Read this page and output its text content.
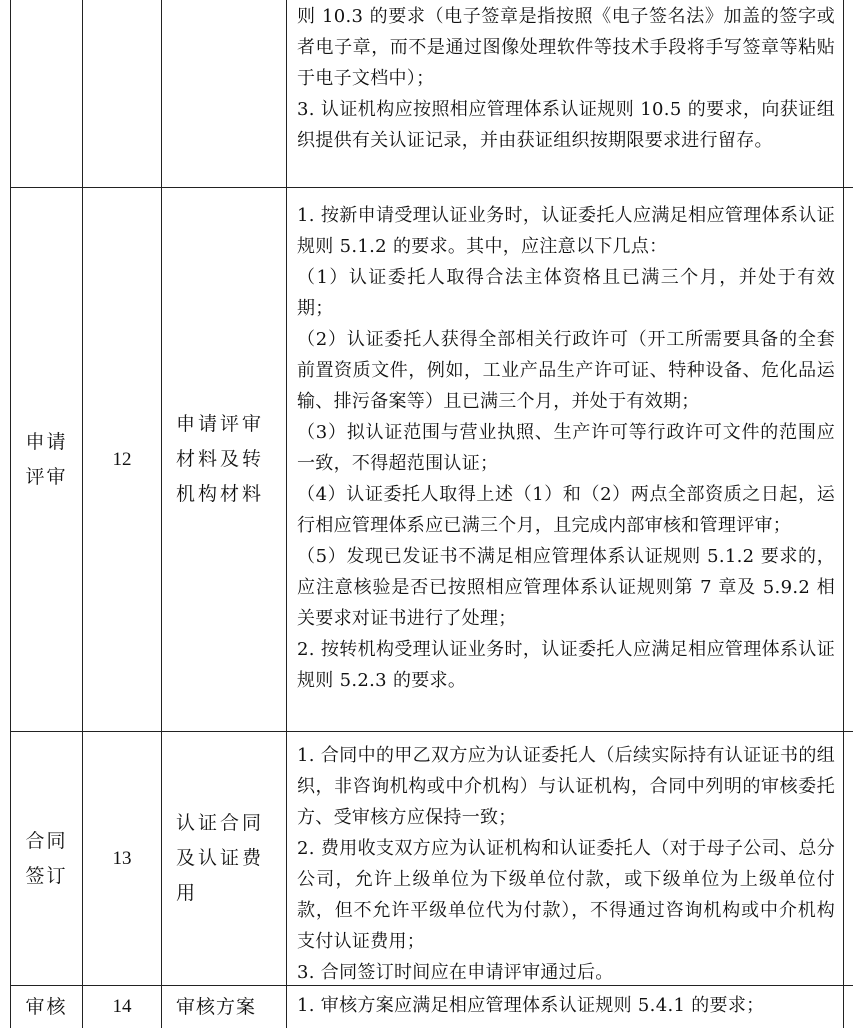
则 10.3 的要求（电子签章是指按照《电子签名法》加盖的签字或者电子章，而不是通过图像处理软件等技术手段将手写签章等粘贴于电子文档中）；

3. 认证机构应按照相应管理体系认证规则 10.5 的要求，向获证组织提供有关认证记录，并由获证组织按期限要求进行留存。

申请评审
12
申请评审材料及转机构材料

1. 按新申请受理认证业务时，认证委托人应满足相应管理体系认证规则 5.1.2 的要求。其中，应注意以下几点：

（1）认证委托人取得合法主体资格且已满三个月，并处于有效期；

（2）认证委托人获得全部相关行政许可（开工所需要具备的全套前置资质文件，例如，工业产品生产许可证、特种设备、危化品运输、排污备案等）且已满三个月，并处于有效期；

（3）拟认证范围与营业执照、生产许可等行政许可文件的范围应一致，不得超范围认证；

（4）认证委托人取得上述（1）和（2）两点全部资质之日起，运行相应管理体系应已满三个月，且完成内部审核和管理评审；

（5）发现已发证书不满足相应管理体系认证规则 5.1.2 要求的，应注意核验是否已按照相应管理体系认证规则第 7 章及 5.9.2 相关要求对证书进行了处理；

2. 按转机构受理认证业务时，认证委托人应满足相应管理体系认证规则 5.2.3 的要求。

合同签订
13
认证合同及认证费用

1. 合同中的甲乙双方应为认证委托人（后续实际持有认证证书的组织，非咨询机构或中介机构）与认证机构，合同中列明的审核委托方、受审核方应保持一致；

2. 费用收支双方应为认证机构和认证委托人（对于母子公司、总分公司，允许上级单位为下级单位付款，或下级单位为上级单位付款，但不允许平级单位代为付款），不得通过咨询机构或中介机构支付认证费用；

3. 合同签订时间应在申请评审通过后。

审核 14 审核方案 1. 审核方案应满足相应管理体系认证规则 5.4.1 的要求；
